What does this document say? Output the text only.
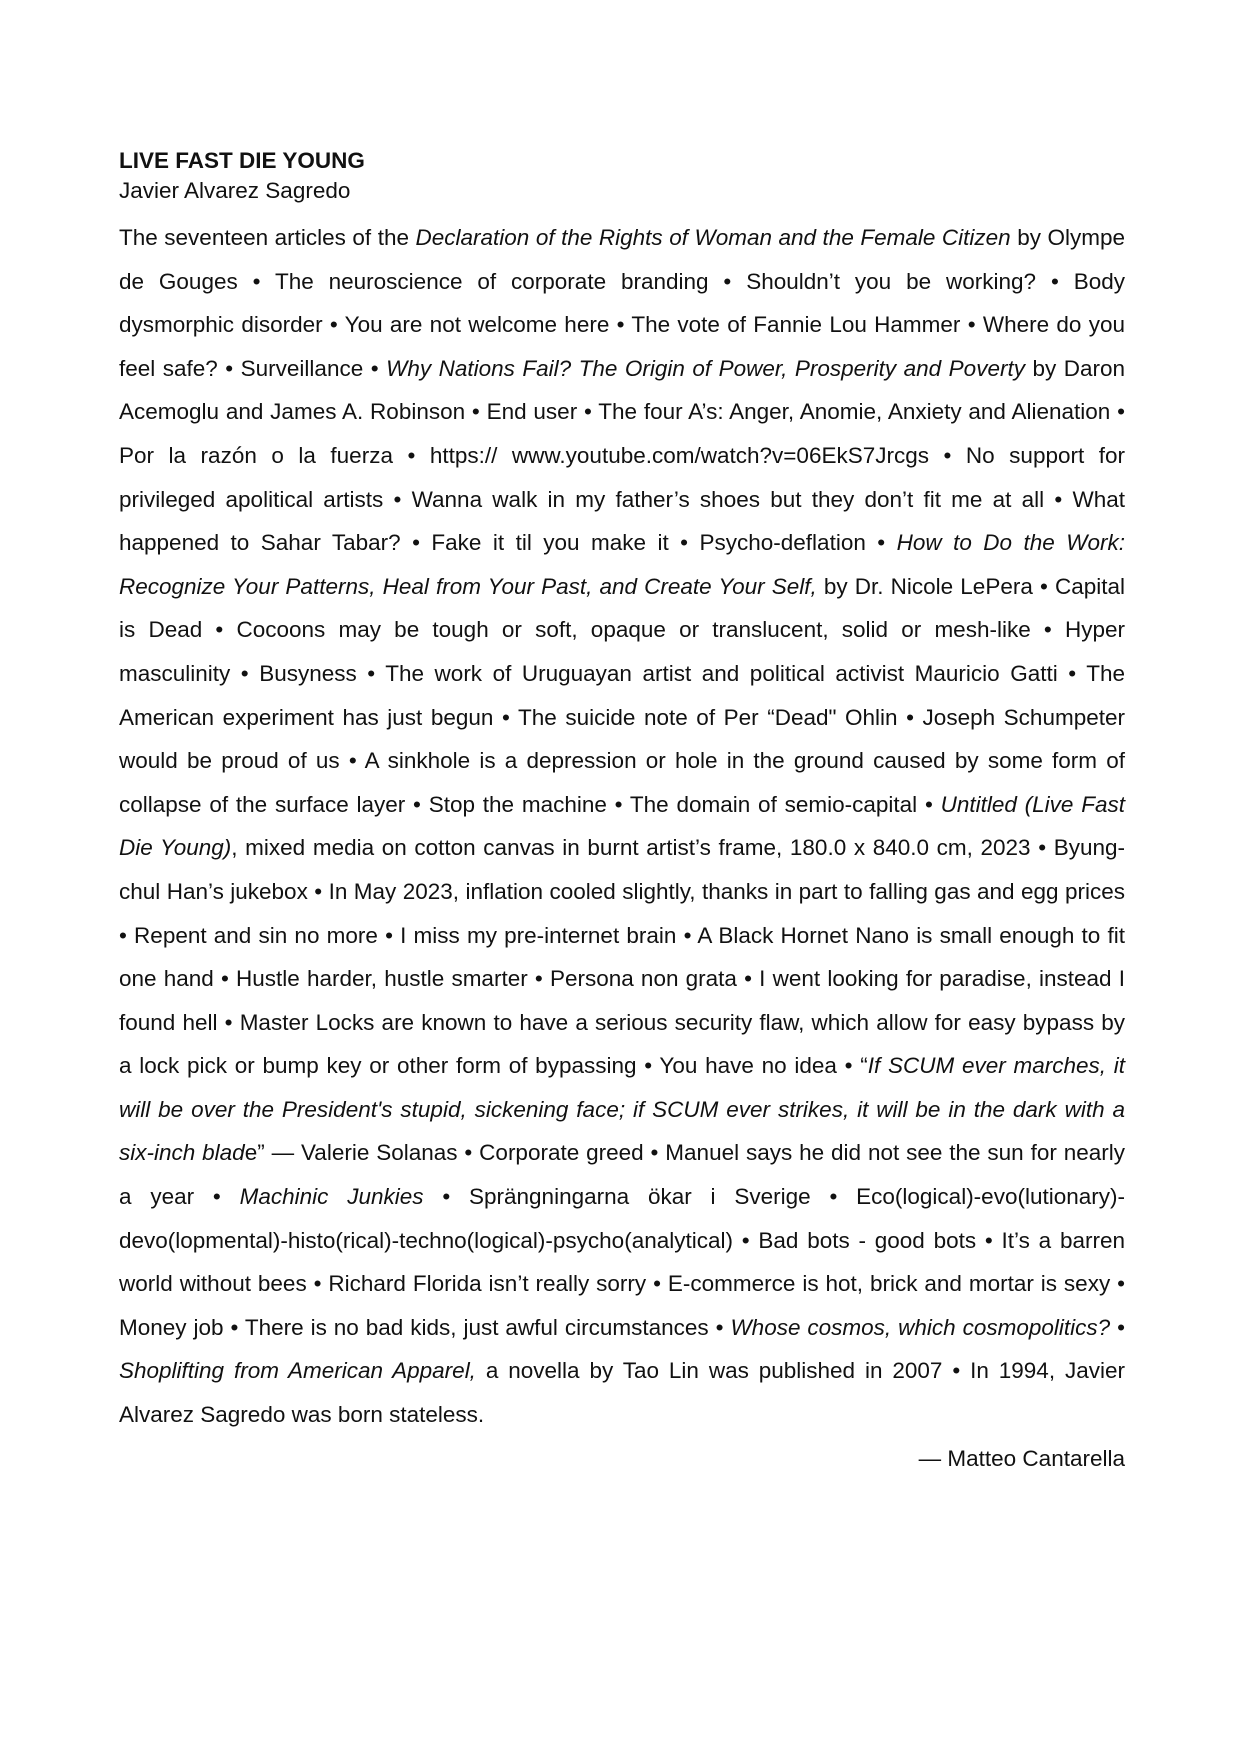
LIVE FAST DIE YOUNG

Javier Alvarez Sagredo

The seventeen articles of the Declaration of the Rights of Woman and the Female Citizen by Olympe de Gouges • The neuroscience of corporate branding • Shouldn’t you be working? • Body dysmorphic disorder • You are not welcome here • The vote of Fannie Lou Hammer • Where do you feel safe? • Surveillance • Why Nations Fail? The Origin of Power, Prosperity and Poverty by Daron Acemoglu and James A. Robinson • End user • The four A’s: Anger, Anomie, Anxiety and Alienation • Por la razón o la fuerza • https:// www.youtube.com/watch?v=06EkS7Jrcgs • No support for privileged apolitical artists • Wanna walk in my father’s shoes but they don’t fit me at all • What happened to Sahar Tabar? • Fake it til you make it • Psycho-deflation • How to Do the Work: Recognize Your Patterns, Heal from Your Past, and Create Your Self, by Dr. Nicole LePera • Capital is Dead • Cocoons may be tough or soft, opaque or translucent, solid or mesh-like • Hyper masculinity • Busyness • The work of Uruguayan artist and political activist Mauricio Gatti • The American experiment has just begun • The suicide note of Per “Dead" Ohlin • Joseph Schumpeter would be proud of us • A sinkhole is a depression or hole in the ground caused by some form of collapse of the surface layer • Stop the machine • The domain of semio-capital • Untitled (Live Fast Die Young), mixed media on cotton canvas in burnt artist’s frame, 180.0 x 840.0 cm, 2023 • Byung-chul Han’s jukebox • In May 2023, inflation cooled slightly, thanks in part to falling gas and egg prices • Repent and sin no more • I miss my pre-internet brain • A Black Hornet Nano is small enough to fit one hand • Hustle harder, hustle smarter • Persona non grata • I went looking for paradise, instead I found hell • Master Locks are known to have a serious security flaw, which allow for easy bypass by a lock pick or bump key or other form of bypassing • You have no idea • “If SCUM ever marches, it will be over the President's stupid, sickening face; if SCUM ever strikes, it will be in the dark with a six-inch blade” — Valerie Solanas • Corporate greed • Manuel says he did not see the sun for nearly a year • Machinic Junkies • Sprängningarna ökar i Sverige • Eco(logical)-evo(lutionary)-devo(lopmental)-histo(rical)-techno(logical)-psycho(analytical) • Bad bots - good bots • It’s a barren world without bees • Richard Florida isn’t really sorry • E-commerce is hot, brick and mortar is sexy • Money job • There is no bad kids, just awful circumstances • Whose cosmos, which cosmopolitics? • Shoplifting from American Apparel, a novella by Tao Lin was published in 2007 • In 1994, Javier Alvarez Sagredo was born stateless.

— Matteo Cantarella
